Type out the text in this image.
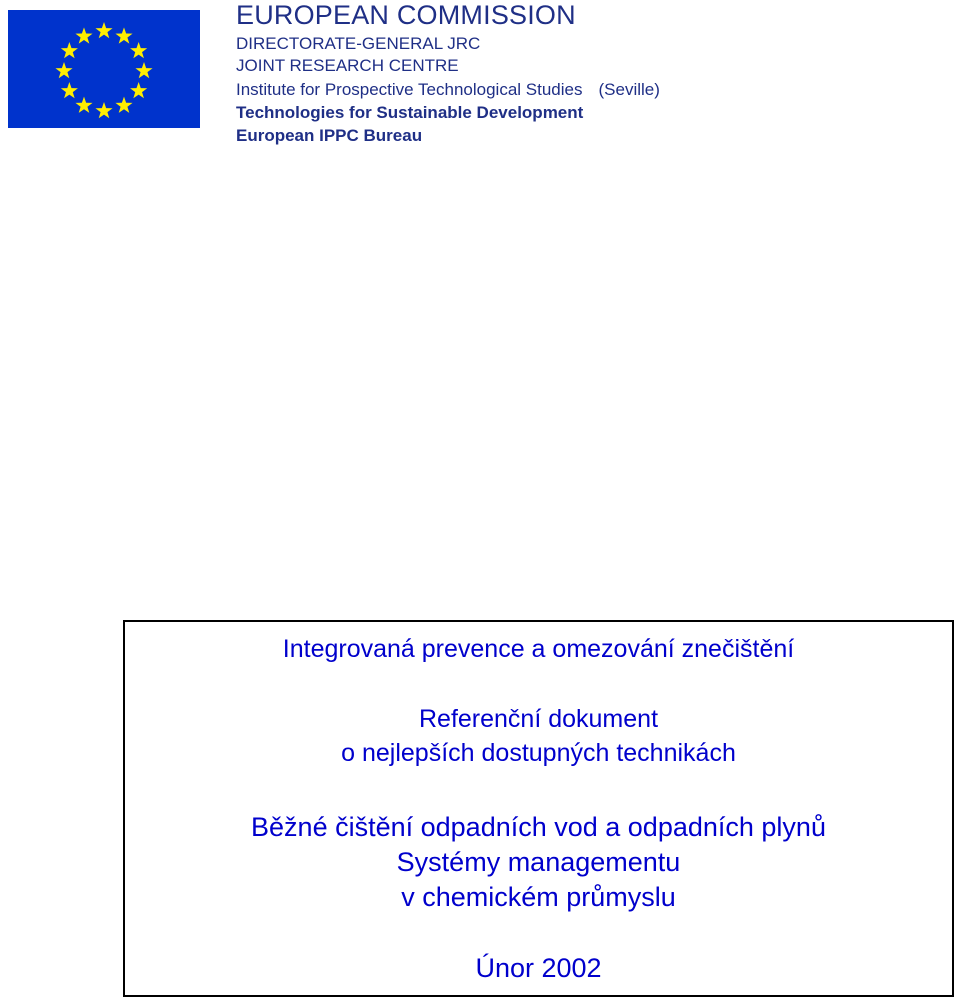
EUROPEAN COMMISSION
DIRECTORATE-GENERAL JRC
JOINT RESEARCH CENTRE
Institute for Prospective Technological Studies (Seville)
Technologies for Sustainable Development
European IPPC Bureau
Integrovaná prevence a omezování znečištění
Referenční dokument
o nejlepších dostupných technikách
Běžné čištění odpadních vod a odpadních plynů
Systémy managementu
v chemickém průmyslu
Únor 2002
